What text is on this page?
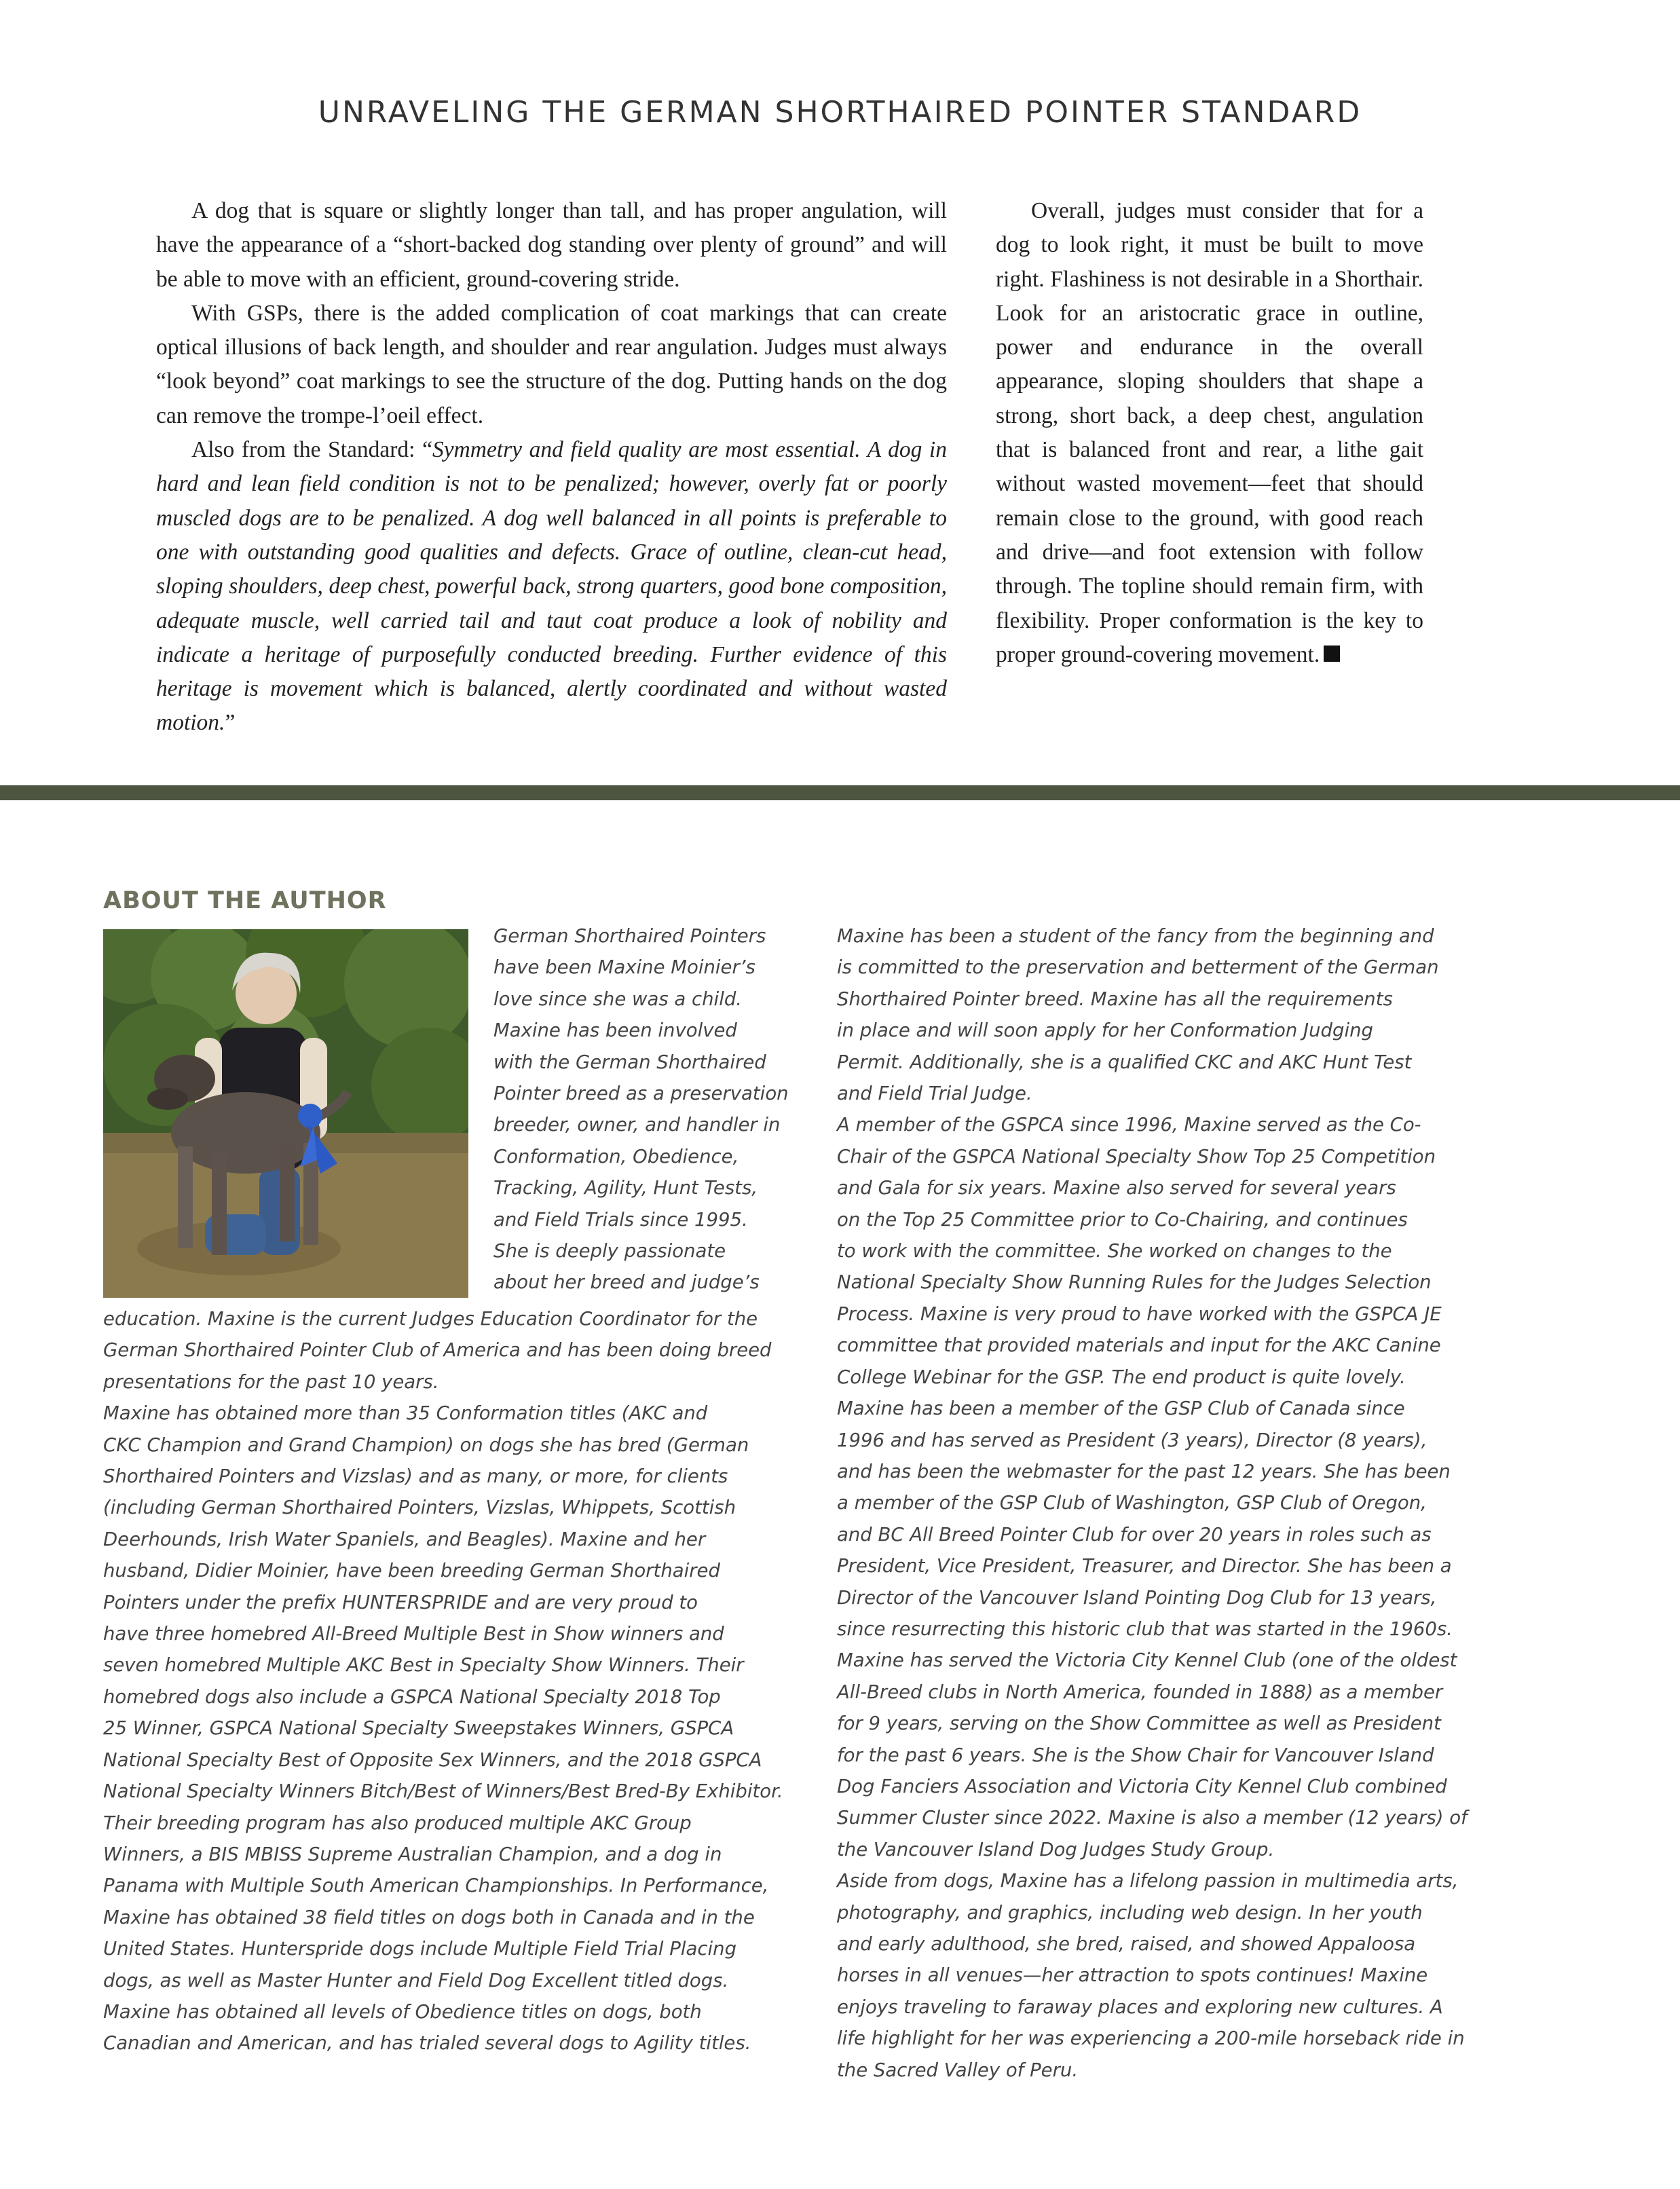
UNRAVELING THE GERMAN SHORTHAIRED POINTER STANDARD

A dog that is square or slightly longer than tall, and has proper angulation, will have the appearance of a “short-backed dog standing over plenty of ground” and will be able to move with an efficient, ground-covering stride.

With GSPs, there is the added complication of coat markings that can create optical illusions of back length, and shoulder and rear angulation. Judges must always “look beyond” coat markings to see the structure of the dog. Putting hands on the dog can remove the trompe-l’oeil effect.

Also from the Standard: “Symmetry and field quality are most essential. A dog in hard and lean field condition is not to be penalized; however, overly fat or poorly muscled dogs are to be penalized. A dog well balanced in all points is preferable to one with outstanding good qualities and defects. Grace of outline, clean-cut head, sloping shoulders, deep chest, powerful back, strong quarters, good bone composition, adequate muscle, well carried tail and taut coat produce a look of nobility and indicate a heritage of purposefully conducted breeding. Further evidence of this heritage is movement which is balanced, alertly coordinated and without wasted motion.”

Overall, judges must consider that for a dog to look right, it must be built to move right. Flashiness is not desirable in a Shorthair. Look for an aristocratic grace in outline, power and endurance in the overall appearance, sloping shoulders that shape a strong, short back, a deep chest, angulation that is balanced front and rear, a lithe gait without wasted movement—feet that should remain close to the ground, with good reach and drive—and foot extension with follow through. The topline should remain firm, with flexibility. Proper conformation is the key to proper ground-covering movement.

ABOUT THE AUTHOR
German Shorthaired Pointers
have been Maxine Moinier’s
love since she was a child.
Maxine has been involved
with the German Shorthaired
Pointer breed as a preservation
breeder, owner, and handler in
Conformation, Obedience,
Tracking, Agility, Hunt Tests,
and Field Trials since 1995.
She is deeply passionate
about her breed and judge’s
education. Maxine is the current Judges Education Coordinator for the
German Shorthaired Pointer Club of America and has been doing breed
presentations for the past 10 years.
Maxine has obtained more than 35 Conformation titles (AKC and
CKC Champion and Grand Champion) on dogs she has bred (German
Shorthaired Pointers and Vizslas) and as many, or more, for clients
(including German Shorthaired Pointers, Vizslas, Whippets, Scottish
Deerhounds, Irish Water Spaniels, and Beagles). Maxine and her
husband, Didier Moinier, have been breeding German Shorthaired
Pointers under the prefix HUNTERSPRIDE and are very proud to
have three homebred All-Breed Multiple Best in Show winners and
seven homebred Multiple AKC Best in Specialty Show Winners. Their
homebred dogs also include a GSPCA National Specialty 2018 Top
25 Winner, GSPCA National Specialty Sweepstakes Winners, GSPCA
National Specialty Best of Opposite Sex Winners, and the 2018 GSPCA
National Specialty Winners Bitch/Best of Winners/Best Bred-By Exhibitor.
Their breeding program has also produced multiple AKC Group
Winners, a BIS MBISS Supreme Australian Champion, and a dog in
Panama with Multiple South American Championships. In Performance,
Maxine has obtained 38 field titles on dogs both in Canada and in the
United States. Hunterspride dogs include Multiple Field Trial Placing
dogs, as well as Master Hunter and Field Dog Excellent titled dogs.
Maxine has obtained all levels of Obedience titles on dogs, both
Canadian and American, and has trialed several dogs to Agility titles.
Maxine has been a student of the fancy from the beginning and
is committed to the preservation and betterment of the German
Shorthaired Pointer breed. Maxine has all the requirements
in place and will soon apply for her Conformation Judging
Permit. Additionally, she is a qualified CKC and AKC Hunt Test
and Field Trial Judge.
A member of the GSPCA since 1996, Maxine served as the Co-
Chair of the GSPCA National Specialty Show Top 25 Competition
and Gala for six years. Maxine also served for several years
on the Top 25 Committee prior to Co-Chairing, and continues
to work with the committee. She worked on changes to the
National Specialty Show Running Rules for the Judges Selection
Process. Maxine is very proud to have worked with the GSPCA JE
committee that provided materials and input for the AKC Canine
College Webinar for the GSP. The end product is quite lovely.
Maxine has been a member of the GSP Club of Canada since
1996 and has served as President (3 years), Director (8 years),
and has been the webmaster for the past 12 years. She has been
a member of the GSP Club of Washington, GSP Club of Oregon,
and BC All Breed Pointer Club for over 20 years in roles such as
President, Vice President, Treasurer, and Director. She has been a
Director of the Vancouver Island Pointing Dog Club for 13 years,
since resurrecting this historic club that was started in the 1960s.
Maxine has served the Victoria City Kennel Club (one of the oldest
All-Breed clubs in North America, founded in 1888) as a member
for 9 years, serving on the Show Committee as well as President
for the past 6 years. She is the Show Chair for Vancouver Island
Dog Fanciers Association and Victoria City Kennel Club combined
Summer Cluster since 2022. Maxine is also a member (12 years) of
the Vancouver Island Dog Judges Study Group.
Aside from dogs, Maxine has a lifelong passion in multimedia arts,
photography, and graphics, including web design. In her youth
and early adulthood, she bred, raised, and showed Appaloosa
horses in all venues—her attraction to spots continues! Maxine
enjoys traveling to faraway places and exploring new cultures. A
life highlight for her was experiencing a 200-mile horseback ride in
the Sacred Valley of Peru.
